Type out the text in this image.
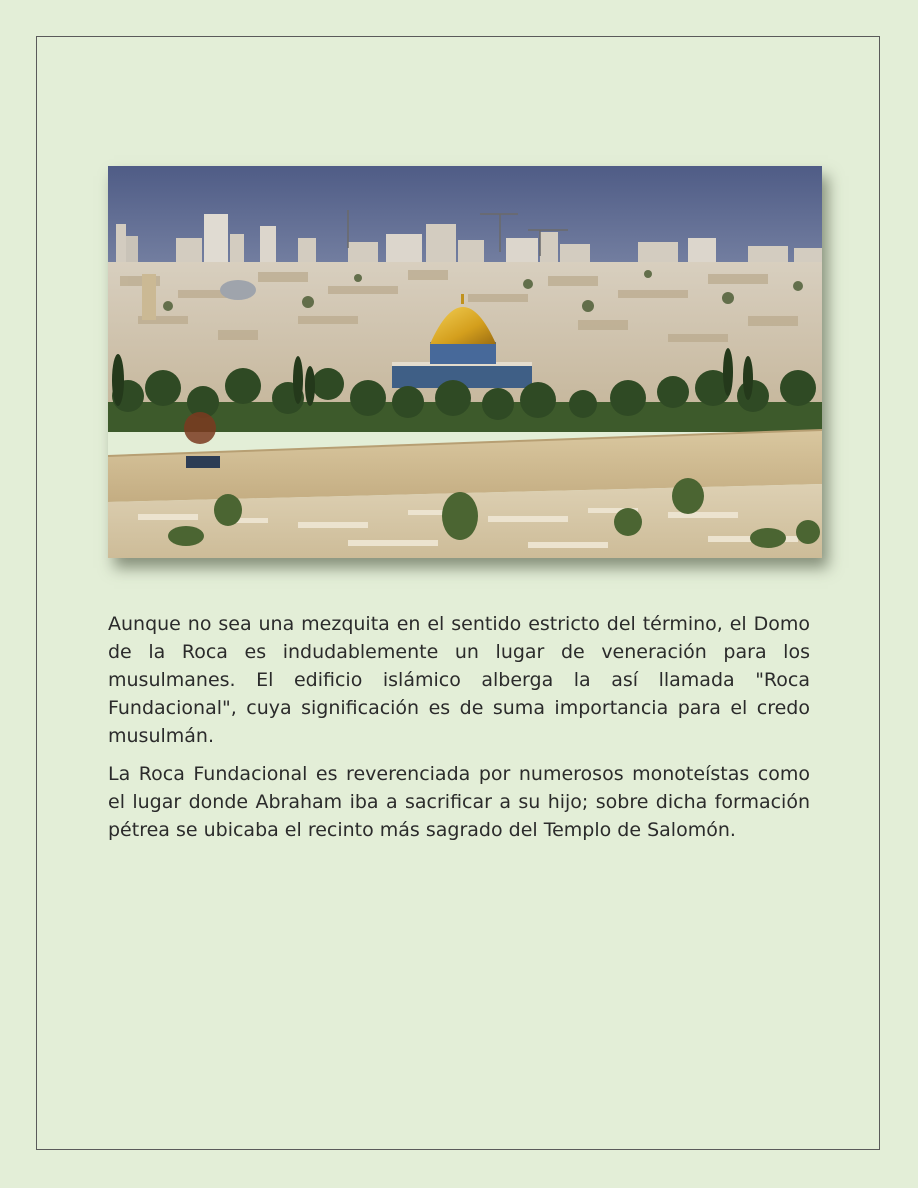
Aunque no sea una mezquita en el sentido estricto del término, el Domo de la Roca es indudablemente un lugar de veneración para los musulmanes. El edificio islámico alberga la así llamada "Roca Fundacional", cuya significación es de suma importancia para el credo musulmán.

La Roca Fundacional es reverenciada por numerosos monoteístas como el lugar donde Abraham iba a sacrificar a su hijo; sobre dicha formación pétrea se ubicaba el recinto más sagrado del Templo de Salomón.
